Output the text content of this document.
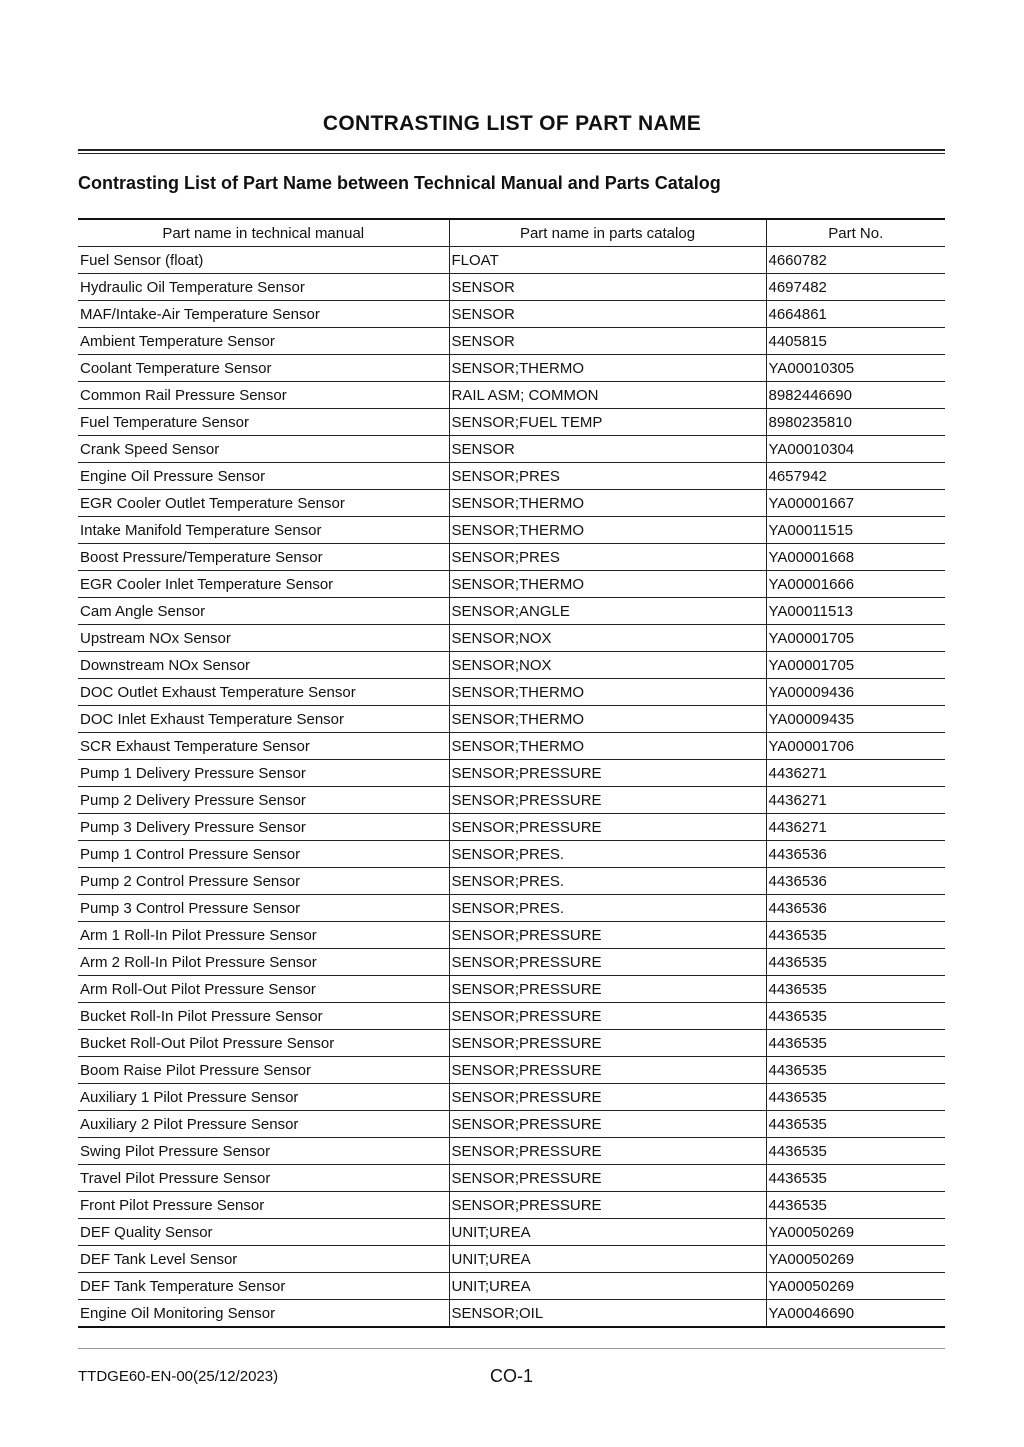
CONTRASTING LIST OF PART NAME
Contrasting List of Part Name between Technical Manual and Parts Catalog
Part name in technical manual	Part name in parts catalog	Part No.
Fuel Sensor (float)	FLOAT	4660782
Hydraulic Oil Temperature Sensor	SENSOR	4697482
MAF/Intake-Air Temperature Sensor	SENSOR	4664861
Ambient Temperature Sensor	SENSOR	4405815
Coolant Temperature Sensor	SENSOR;THERMO	YA00010305
Common Rail Pressure Sensor	RAIL ASM; COMMON	8982446690
Fuel Temperature Sensor	SENSOR;FUEL TEMP	8980235810
Crank Speed Sensor	SENSOR	YA00010304
Engine Oil Pressure Sensor	SENSOR;PRES	4657942
EGR Cooler Outlet Temperature Sensor	SENSOR;THERMO	YA00001667
Intake Manifold Temperature Sensor	SENSOR;THERMO	YA00011515
Boost Pressure/Temperature Sensor	SENSOR;PRES	YA00001668
EGR Cooler Inlet Temperature Sensor	SENSOR;THERMO	YA00001666
Cam Angle Sensor	SENSOR;ANGLE	YA00011513
Upstream NOx Sensor	SENSOR;NOX	YA00001705
Downstream NOx Sensor	SENSOR;NOX	YA00001705
DOC Outlet Exhaust Temperature Sensor	SENSOR;THERMO	YA00009436
DOC Inlet Exhaust Temperature Sensor	SENSOR;THERMO	YA00009435
SCR Exhaust Temperature Sensor	SENSOR;THERMO	YA00001706
Pump 1 Delivery Pressure Sensor	SENSOR;PRESSURE	4436271
Pump 2 Delivery Pressure Sensor	SENSOR;PRESSURE	4436271
Pump 3 Delivery Pressure Sensor	SENSOR;PRESSURE	4436271
Pump 1 Control Pressure Sensor	SENSOR;PRES.	4436536
Pump 2 Control Pressure Sensor	SENSOR;PRES.	4436536
Pump 3 Control Pressure Sensor	SENSOR;PRES.	4436536
Arm 1 Roll-In Pilot Pressure Sensor	SENSOR;PRESSURE	4436535
Arm 2 Roll-In Pilot Pressure Sensor	SENSOR;PRESSURE	4436535
Arm Roll-Out Pilot Pressure Sensor	SENSOR;PRESSURE	4436535
Bucket Roll-In Pilot Pressure Sensor	SENSOR;PRESSURE	4436535
Bucket Roll-Out Pilot Pressure Sensor	SENSOR;PRESSURE	4436535
Boom Raise Pilot Pressure Sensor	SENSOR;PRESSURE	4436535
Auxiliary 1 Pilot Pressure Sensor	SENSOR;PRESSURE	4436535
Auxiliary 2 Pilot Pressure Sensor	SENSOR;PRESSURE	4436535
Swing Pilot Pressure Sensor	SENSOR;PRESSURE	4436535
Travel Pilot Pressure Sensor	SENSOR;PRESSURE	4436535
Front Pilot Pressure Sensor	SENSOR;PRESSURE	4436535
DEF Quality Sensor	UNIT;UREA	YA00050269
DEF Tank Level Sensor	UNIT;UREA	YA00050269
DEF Tank Temperature Sensor	UNIT;UREA	YA00050269
Engine Oil Monitoring Sensor	SENSOR;OIL	YA00046690
TTDGE60-EN-00(25/12/2023)	CO-1
